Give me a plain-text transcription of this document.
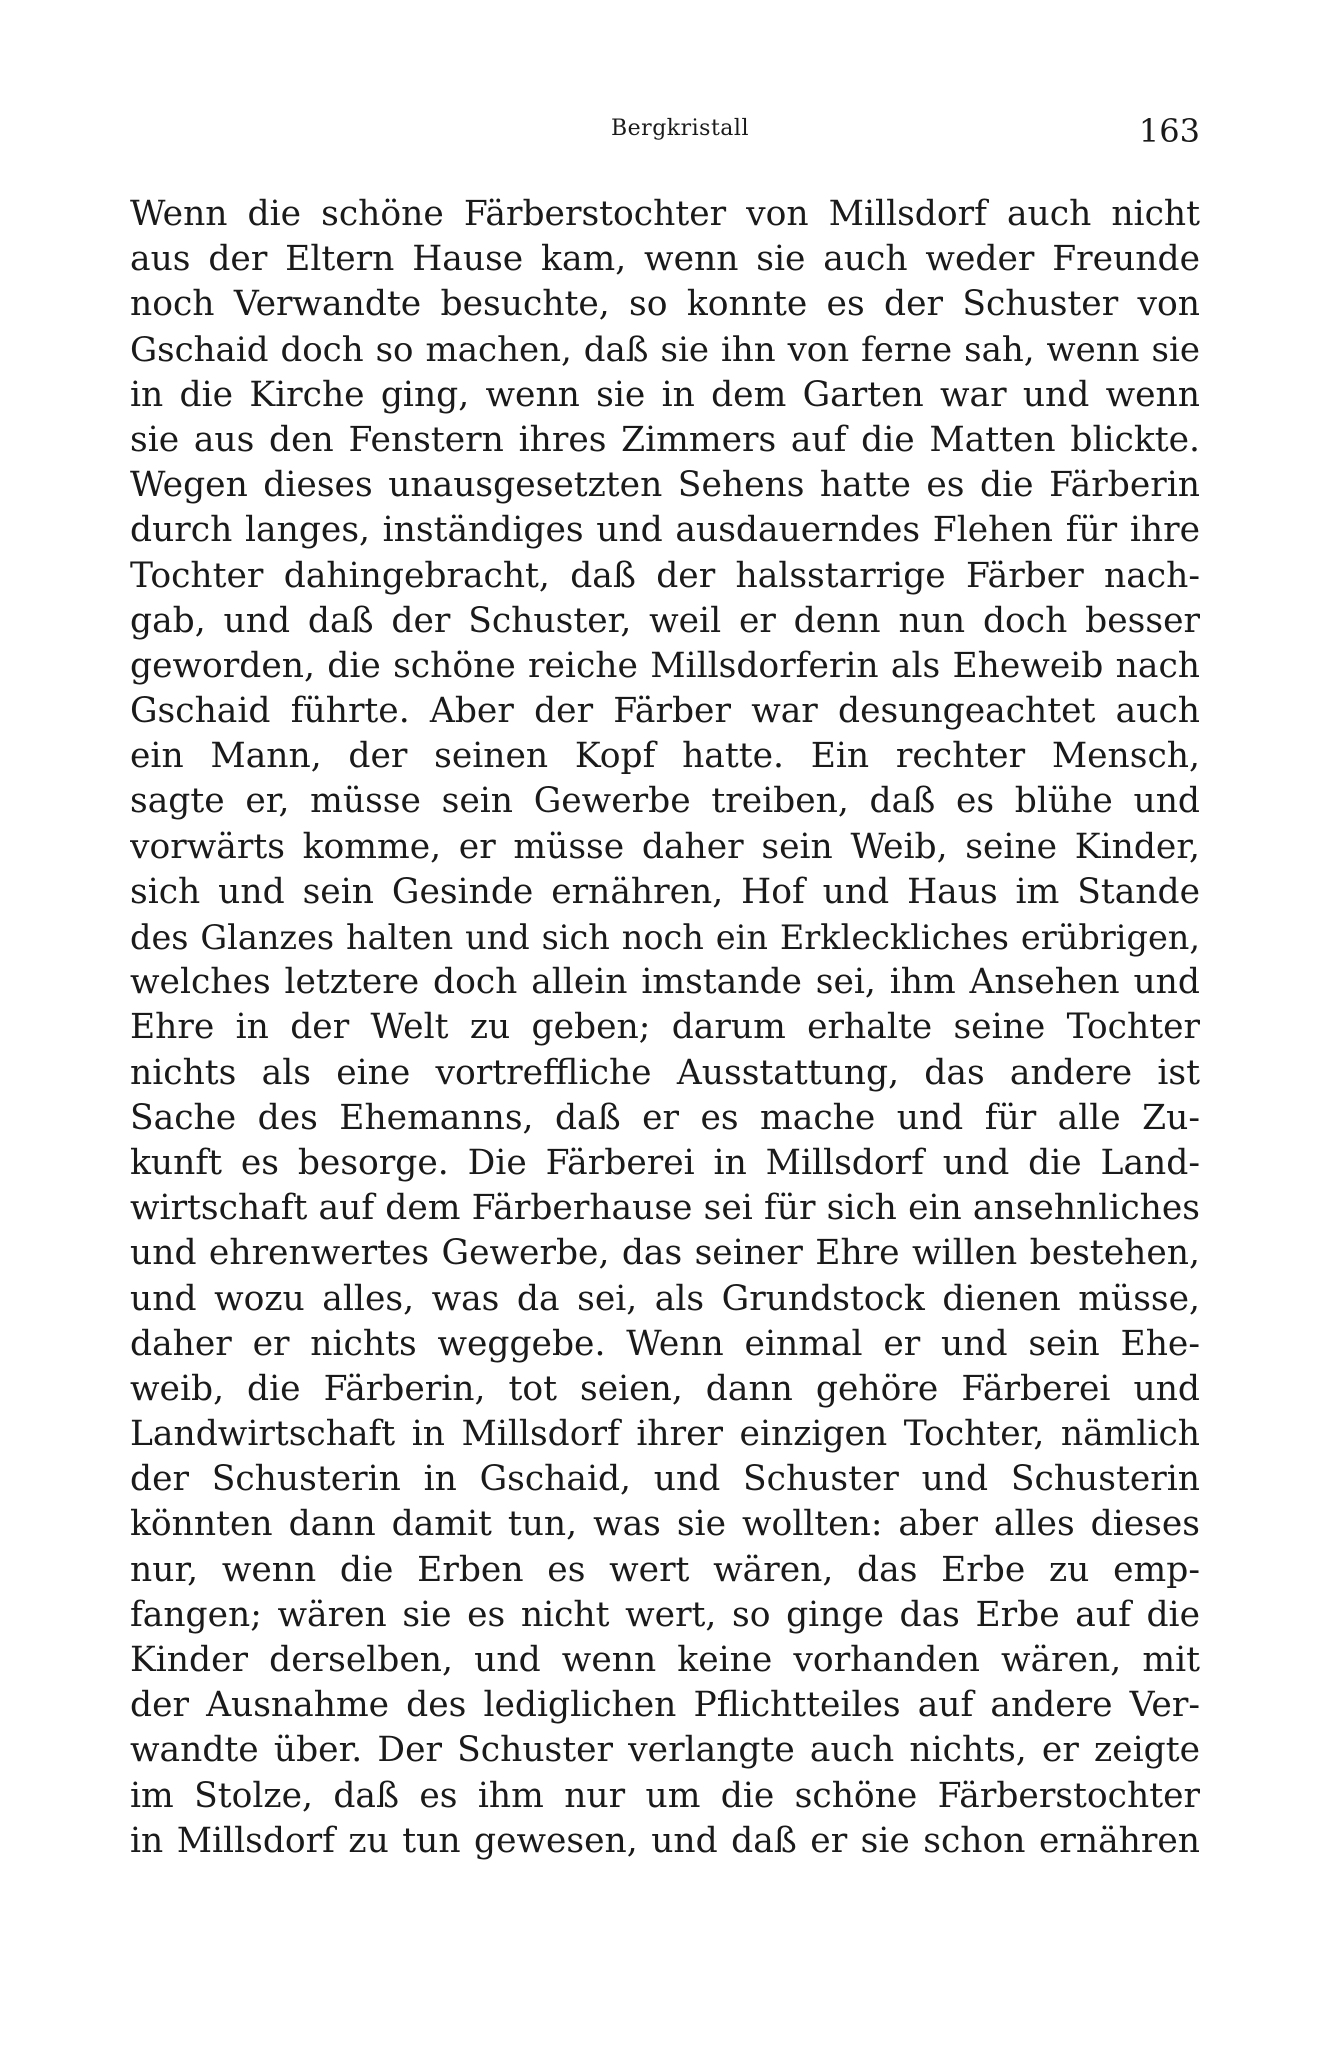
Bergkristall	163
Wenn die schöne Färberstochter von Millsdorf auch nicht
aus der Eltern Hause kam, wenn sie auch weder Freunde
noch Verwandte besuchte, so konnte es der Schuster von
Gschaid doch so machen, daß sie ihn von ferne sah, wenn sie
in die Kirche ging, wenn sie in dem Garten war und wenn
sie aus den Fenstern ihres Zimmers auf die Matten blickte.
Wegen dieses unausgesetzten Sehens hatte es die Färberin
durch langes, inständiges und ausdauerndes Flehen für ihre
Tochter dahingebracht, daß der halsstarrige Färber nach-
gab, und daß der Schuster, weil er denn nun doch besser
geworden, die schöne reiche Millsdorferin als Eheweib nach
Gschaid führte. Aber der Färber war desungeachtet auch
ein Mann, der seinen Kopf hatte. Ein rechter Mensch,
sagte er, müsse sein Gewerbe treiben, daß es blühe und
vorwärts komme, er müsse daher sein Weib, seine Kinder,
sich und sein Gesinde ernähren, Hof und Haus im Stande
des Glanzes halten und sich noch ein Erkleckliches erübrigen,
welches letztere doch allein imstande sei, ihm Ansehen und
Ehre in der Welt zu geben; darum erhalte seine Tochter
nichts als eine vortreffliche Ausstattung, das andere ist
Sache des Ehemanns, daß er es mache und für alle Zu-
kunft es besorge. Die Färberei in Millsdorf und die Land-
wirtschaft auf dem Färberhause sei für sich ein ansehnliches
und ehrenwertes Gewerbe, das seiner Ehre willen bestehen,
und wozu alles, was da sei, als Grundstock dienen müsse,
daher er nichts weggebe. Wenn einmal er und sein Ehe-
weib, die Färberin, tot seien, dann gehöre Färberei und
Landwirtschaft in Millsdorf ihrer einzigen Tochter, nämlich
der Schusterin in Gschaid, und Schuster und Schusterin
könnten dann damit tun, was sie wollten: aber alles dieses
nur, wenn die Erben es wert wären, das Erbe zu emp-
fangen; wären sie es nicht wert, so ginge das Erbe auf die
Kinder derselben, und wenn keine vorhanden wären, mit
der Ausnahme des lediglichen Pflichtteiles auf andere Ver-
wandte über. Der Schuster verlangte auch nichts, er zeigte
im Stolze, daß es ihm nur um die schöne Färberstochter
in Millsdorf zu tun gewesen, und daß er sie schon ernähren
